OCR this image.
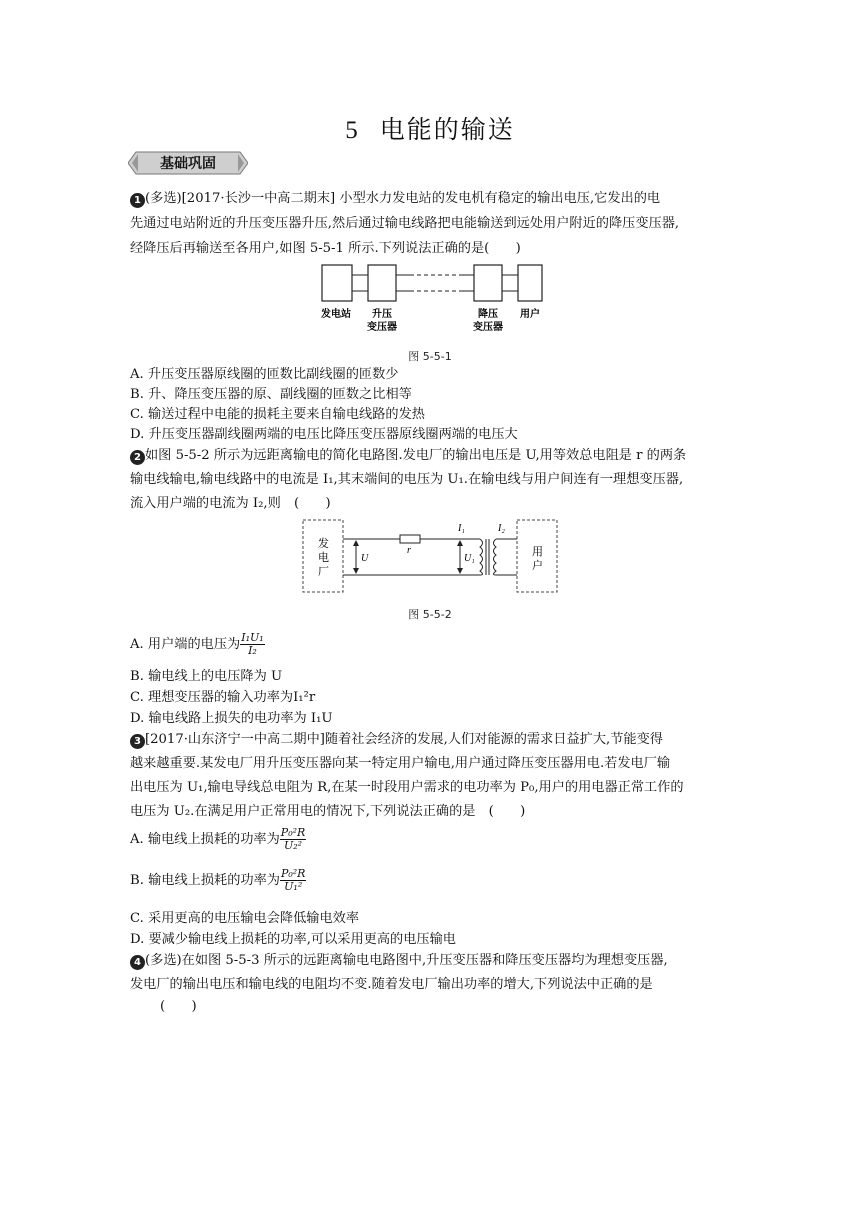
5 电能的输送
基础巩固
1 (多选)[2017·长沙一中高二期末] 小型水力发电站的发电机有稳定的输出电压,它发出的电
先通过电站附近的升压变压器升压,然后通过输电线路把电能输送到远处用户附近的降压变压器,
经降压后再输送至各用户,如图 5-5-1 所示.下列说法正确的是(　　)
发电站 升压
变压器
降压
变压器
用户
图 5-5-1
A. 升压变压器原线圈的匝数比副线圈的匝数少
B. 升、降压变压器的原、副线圈的匝数之比相等
C. 输送过程中电能的损耗主要来自输电线路的发热
D. 升压变压器副线圈两端的电压比降压变压器原线圈两端的电压大
2 如图 5-5-2 所示为远距离输电的简化电路图.发电厂的输出电压是 U,用等效总电阻是 r 的两条
输电线输电,输电线路中的电流是 I₁,其末端间的电压为 U₁.在输电线与用户间连有一理想变压器,
流入用户端的电流为 I₂,则　(　　)
发
电
厂
用
户
r
U	U₁
I₁	I₂
图 5-5-2
A. 用户端的电压为 $\frac{\text{I₁U₁}}{\text{I₂}}$
B. 输电线上的电压降为 U
C. 理想变压器的输入功率为I₁²r
D. 输电线路上损失的电功率为 I₁U
3 [2017·山东济宁一中高二期中]随着社会经济的发展,人们对能源的需求日益扩大,节能变得
越来越重要.某发电厂用升压变压器向某一特定用户输电,用户通过降压变压器用电.若发电厂输
出电压为 U₁,输电导线总电阻为 R,在某一时段用户需求的电功率为 P₀,用户的用电器正常工作的
电压为 U₂.在满足用户正常用电的情况下,下列说法正确的是　(　　)
A. 输电线上损耗的功率为 $\frac{\text{P₀²R}}{\text{U₂²}}$
B. 输电线上损耗的功率为 $\frac{\text{P₀²R}}{\text{U₁²}}$
C. 采用更高的电压输电会降低输电效率
D. 要减少输电线上损耗的功率,可以采用更高的电压输电
4 (多选)在如图 5-5-3 所示的远距离输电电路图中,升压变压器和降压变压器均为理想变压器,
发电厂的输出电压和输电线的电阻均不变.随着发电厂输出功率的增大,下列说法中正确的是
(　　)
